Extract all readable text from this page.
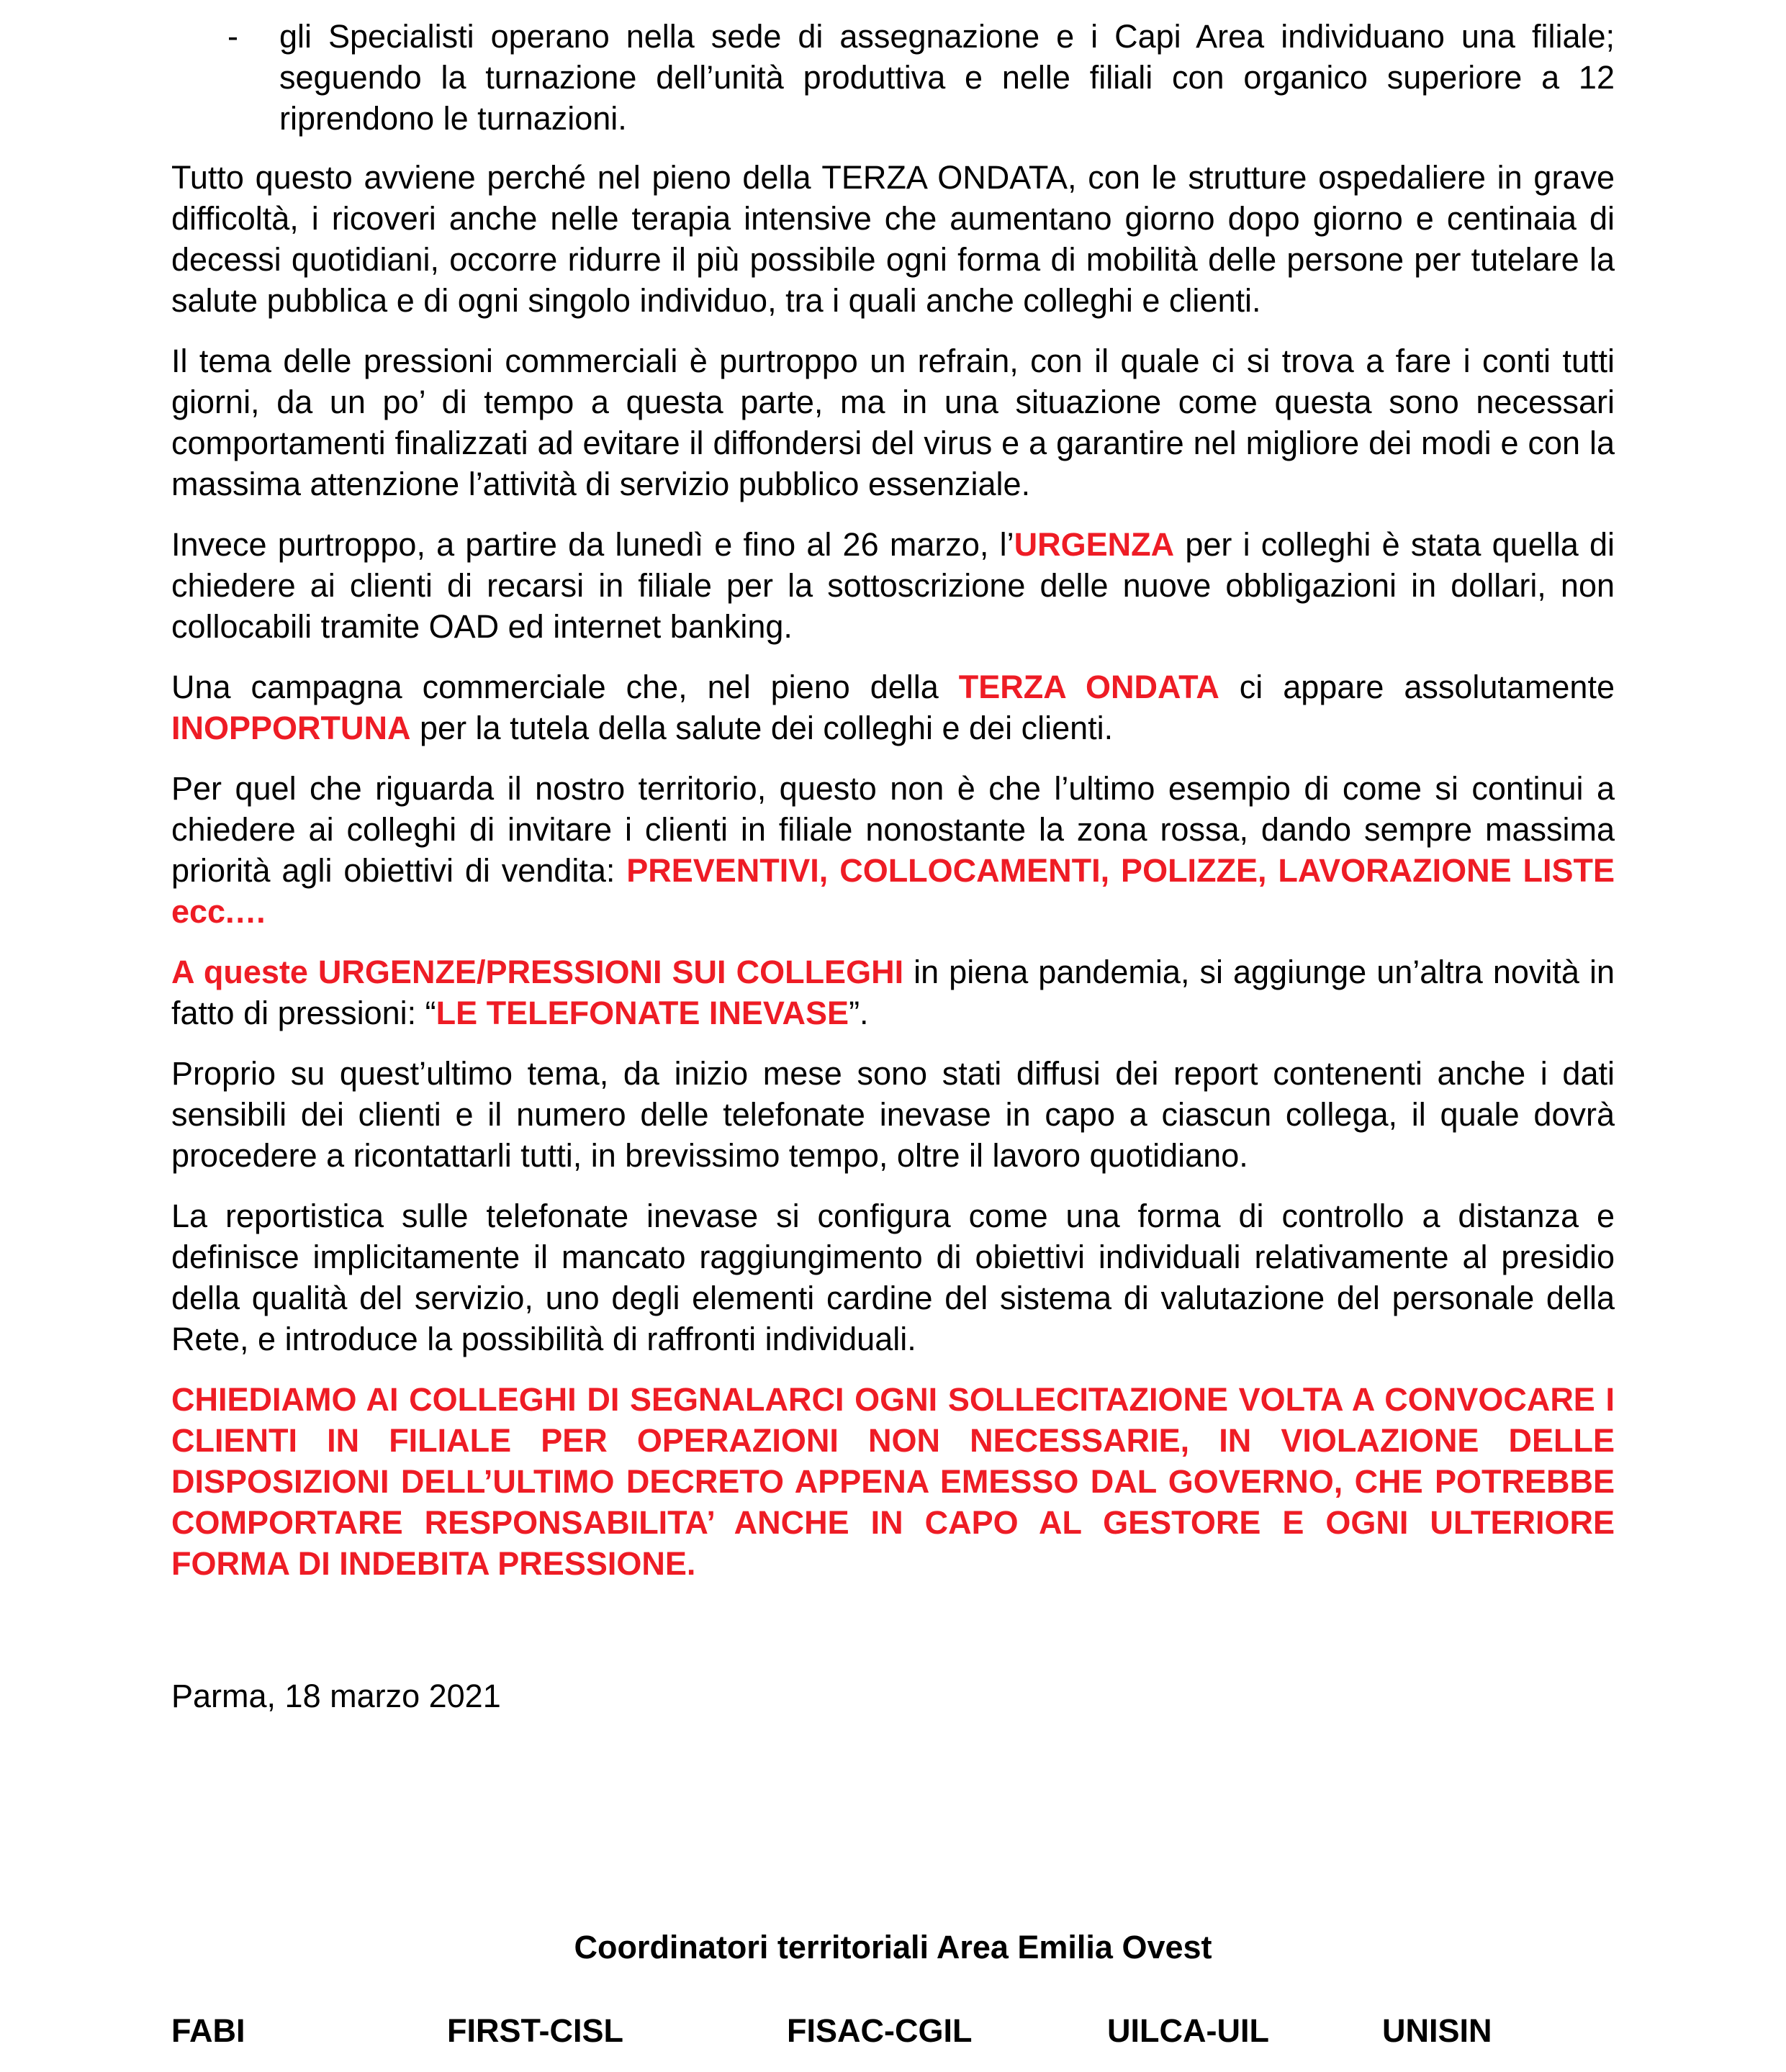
- gli Specialisti operano nella sede di assegnazione e i Capi Area individuano una filiale; seguendo la turnazione dell’unità produttiva e nelle filiali con organico superiore a 12 riprendono le turnazioni.

Tutto questo avviene perché nel pieno della TERZA ONDATA, con le strutture ospedaliere in grave difficoltà, i ricoveri anche nelle terapia intensive che aumentano giorno dopo giorno e centinaia di decessi quotidiani, occorre ridurre il più possibile ogni forma di mobilità delle persone per tutelare la salute pubblica e di ogni singolo individuo, tra i quali anche colleghi e clienti.

Il tema delle pressioni commerciali è purtroppo un refrain, con il quale ci si trova a fare i conti tutti giorni, da un po’ di tempo a questa parte, ma in una situazione come questa sono necessari comportamenti finalizzati ad evitare il diffondersi del virus e a garantire nel migliore dei modi e con la massima attenzione l’attività di servizio pubblico essenziale.

Invece purtroppo, a partire da lunedì e fino al 26 marzo, l’URGENZA per i colleghi è stata quella di chiedere ai clienti di recarsi in filiale per la sottoscrizione delle nuove obbligazioni in dollari, non collocabili tramite OAD ed internet banking.

Una campagna commerciale che, nel pieno della TERZA ONDATA ci appare assolutamente INOPPORTUNA per la tutela della salute dei colleghi e dei clienti.

Per quel che riguarda il nostro territorio, questo non è che l’ultimo esempio di come si continui a chiedere ai colleghi di invitare i clienti in filiale nonostante la zona rossa, dando sempre massima priorità agli obiettivi di vendita: PREVENTIVI, COLLOCAMENTI, POLIZZE, LAVORAZIONE LISTE ecc.…

A queste URGENZE/PRESSIONI SUI COLLEGHI in piena pandemia, si aggiunge un’altra novità in fatto di pressioni: “LE TELEFONATE INEVASE”.

Proprio su quest’ultimo tema, da inizio mese sono stati diffusi dei report contenenti anche i dati sensibili dei clienti e il numero delle telefonate inevase in capo a ciascun collega, il quale dovrà procedere a ricontattarli tutti, in brevissimo tempo, oltre il lavoro quotidiano.

La reportistica sulle telefonate inevase si configura come una forma di controllo a distanza e definisce implicitamente il mancato raggiungimento di obiettivi individuali relativamente al presidio della qualità del servizio, uno degli elementi cardine del sistema di valutazione del personale della Rete, e introduce la possibilità di raffronti individuali.

CHIEDIAMO AI COLLEGHI DI SEGNALARCI OGNI SOLLECITAZIONE VOLTA A CONVOCARE I CLIENTI IN FILIALE PER OPERAZIONI NON NECESSARIE, IN VIOLAZIONE DELLE DISPOSIZIONI DELL’ULTIMO DECRETO APPENA EMESSO DAL GOVERNO, CHE POTREBBE COMPORTARE RESPONSABILITA’ ANCHE IN CAPO AL GESTORE E OGNI ULTERIORE FORMA DI INDEBITA PRESSIONE.

Parma, 18 marzo 2021
Coordinatori territoriali Area Emilia Ovest
FABI	FIRST-CISL	FISAC-CGIL	UILCA-UIL	UNISIN
